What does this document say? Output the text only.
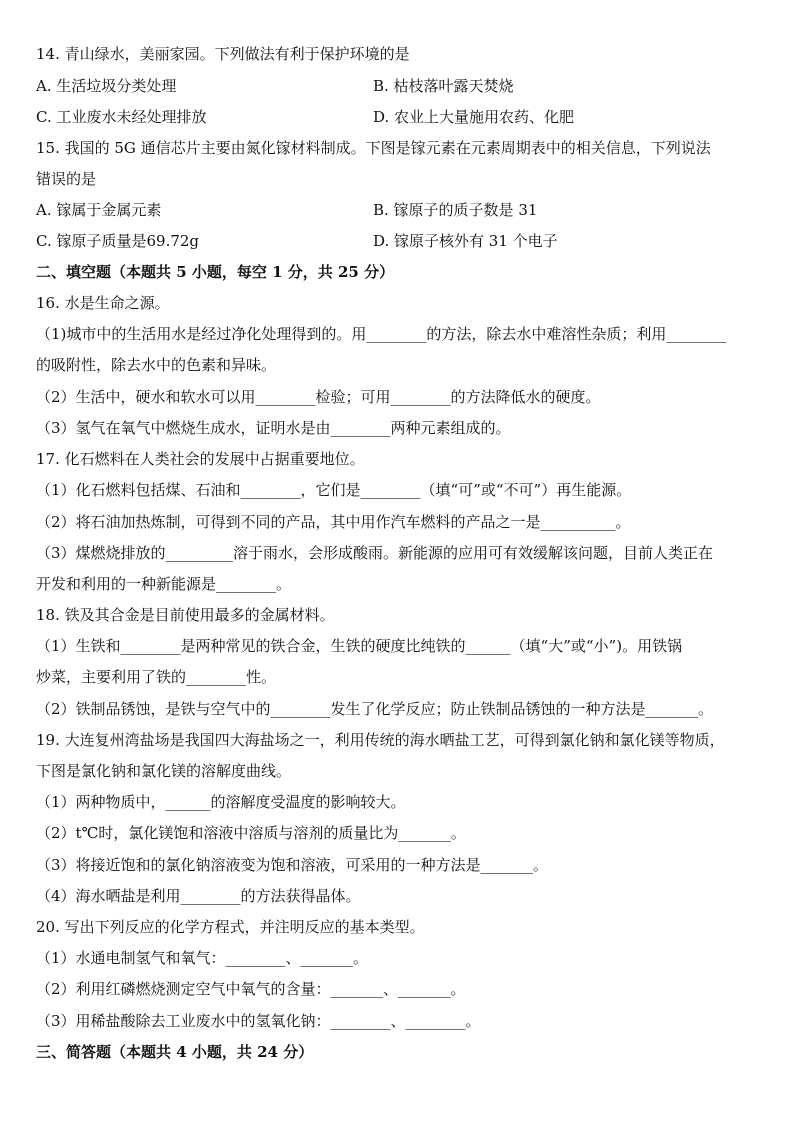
14. 青山绿水，美丽家园。下列做法有利于保护环境的是
A. 生活垃圾分类处理	B. 枯枝落叶露天焚烧
C. 工业废水未经处理排放	D. 农业上大量施用农药、化肥
15. 我国的 5G 通信芯片主要由氮化镓材料制成。下图是镓元素在元素周期表中的相关信息，下列说法
错误的是
A. 镓属于金属元素	B. 镓原子的质子数是 31
C. 镓原子质量是69.72g	D. 镓原子核外有 31 个电子
二、填空题（本题共 5 小题，每空 1 分，共 25 分）
16. 水是生命之源。
（1)城市中的生活用水是经过净化处理得到的。用________的方法，除去水中难溶性杂质；利用________
的吸附性，除去水中的色素和异味。
（2）生活中，硬水和软水可以用________检验；可用________的方法降低水的硬度。
（3）氢气在氧气中燃烧生成水，证明水是由________两种元素组成的。
17. 化石燃料在人类社会的发展中占据重要地位。
（1）化石燃料包括煤、石油和________，它们是________（填“可”或“不可”）再生能源。
（2）将石油加热炼制，可得到不同的产品，其中用作汽车燃料的产品之一是__________。
（3）煤燃烧排放的_________溶于雨水，会形成酸雨。新能源的应用可有效缓解该问题，目前人类正在
开发和利用的一种新能源是________。
18. 铁及其合金是目前使用最多的金属材料。
（1）生铁和________是两种常见的铁合金，生铁的硬度比纯铁的______（填“大”或“小”)。用铁锅
炒菜，主要利用了铁的________性。
（2）铁制品锈蚀，是铁与空气中的________发生了化学反应；防止铁制品锈蚀的一种方法是_______。
19. 大连复州湾盐场是我国四大海盐场之一，利用传统的海水晒盐工艺，可得到氯化钠和氯化镁等物质，
下图是氯化钠和氯化镁的溶解度曲线。
（1）两种物质中，______的溶解度受温度的影响较大。
（2）t℃时，氯化镁饱和溶液中溶质与溶剂的质量比为_______。
（3）将接近饱和的氯化钠溶液变为饱和溶液，可采用的一种方法是_______。
（4）海水晒盐是利用________的方法获得晶体。
20. 写出下列反应的化学方程式，并注明反应的基本类型。
（1）水通电制氢气和氧气：________、_______。
（2）利用红磷燃烧测定空气中氧气的含量：_______、_______。
（3）用稀盐酸除去工业废水中的氢氧化钠：________、________。
三、简答题（本题共 4 小题，共 24 分）
